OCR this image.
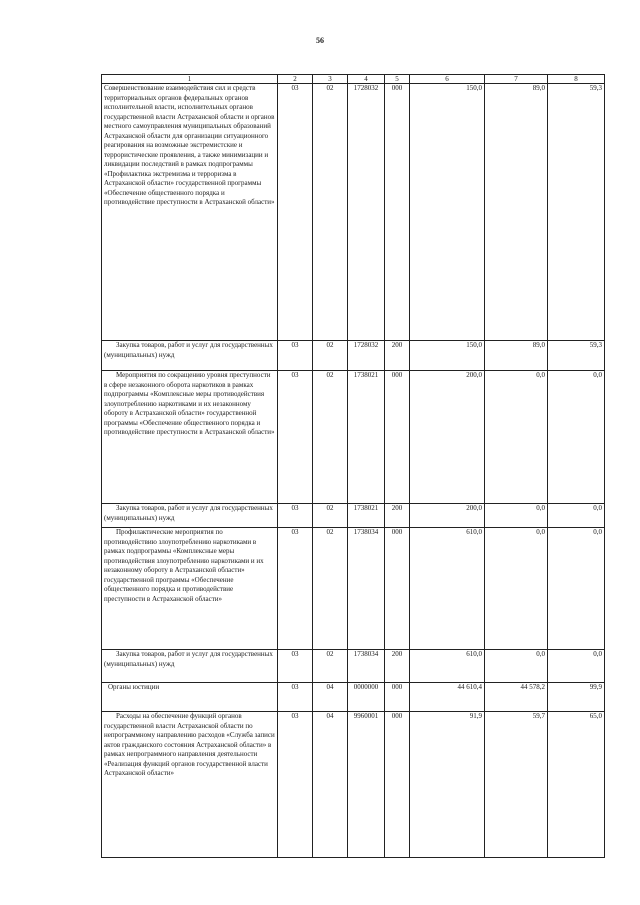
56
1	2	3	4	5	6	7	8
Совершенствование взаимодействия сил и средств территориальных органов федеральных органов исполнительной власти, исполнительных органов государственной власти Астраханской области и органов местного самоуправления муниципальных образований Астраханской области для организации ситуационного реагирования на возможные экстремистские и террористические проявления, а также минимизации и ликвидации последствий в рамках подпрограммы «Профилактика экстремизма и терроризма в Астраханской области» государственной программы «Обеспечение общественного порядка и противодействие преступности в Астраханской области»	03	02	1728032	000	150,0	89,0	59,3
Закупка товаров, работ и услуг для государственных (муниципальных) нужд	03	02	1728032	200	150,0	89,0	59,3
Мероприятия по сокращению уровня преступности в сфере незаконного оборота наркотиков в рамках подпрограммы «Комплексные меры противодействия злоупотреблению наркотиками и их незаконному обороту в Астраханской области» государственной программы «Обеспечение общественного порядка и противодействие преступности в Астраханской области»	03	02	1738021	000	200,0	0,0	0,0
Закупка товаров, работ и услуг для государственных (муниципальных) нужд	03	02	1738021	200	200,0	0,0	0,0
Профилактические мероприятия по противодействию злоупотреблению наркотиками в рамках подпрограммы «Комплексные меры противодействия злоупотреблению наркотиками и их незаконному обороту в Астраханской области» государственной программы «Обеспечение общественного порядка и противодействие преступности в Астраханской области»	03	02	1738034	000	610,0	0,0	0,0
Закупка товаров, работ и услуг для государственных (муниципальных) нужд	03	02	1738034	200	610,0	0,0	0,0
Органы юстиции	03	04	0000000	000	44 610,4	44 578,2	99,9
Расходы на обеспечение функций органов государственной власти Астраханской области по непрограммному направлению расходов «Служба записи актов гражданского состояния Астраханской области» в рамках непрограммного направления деятельности «Реализация функций органов государственной власти Астраханской области»	03	04	9960001	000	91,9	59,7	65,0
